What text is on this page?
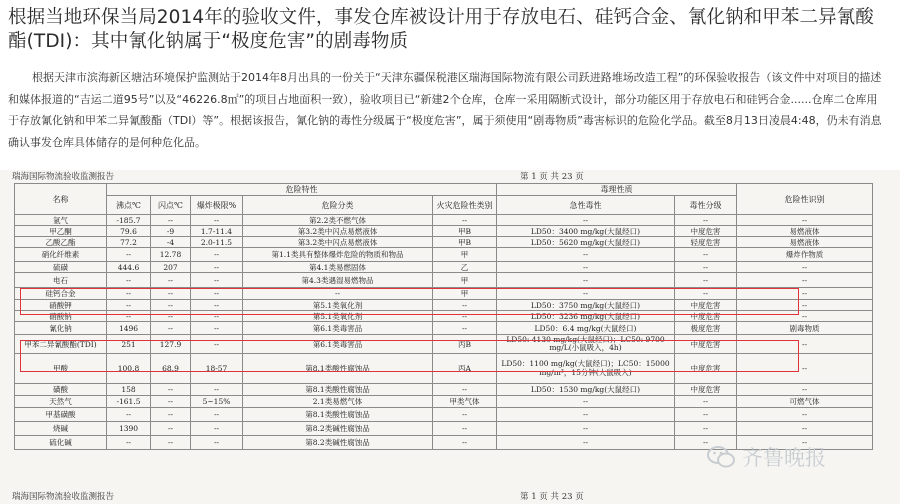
根据当地环保当局2014年的验收文件，事发仓库被设计用于存放电石、硅钙合金、氰化钠和甲苯二异氰酸酯(TDI)：其中氰化钠属于“极度危害”的剧毒物质
根据天津市滨海新区塘沽环境保护监测站于2014年8月出具的一份关于“天津东疆保税港区瑞海国际物流有限公司跃进路堆场改造工程”的环保验收报告（该文件中对项目的描述和媒体报道的“吉运二道95号”以及“46226.8㎡”的项目占地面积一致），验收项目已“新建2个仓库，仓库一采用隔断式设计，部分功能区用于存放电石和硅钙合金......仓库二仓库用于存放氰化钠和甲苯二异氰酸酯（TDI）等”。根据该报告，氰化钠的毒性分级属于“极度危害”，属于须使用“剧毒物质”毒害标识的危险化学品。截至8月13日凌晨4:48，仍未有消息确认事发仓库具体储存的是何种危化品。
瑞海国际物流验收监测报告	第 1 页 共 23 页
名称	危险特性					毒理性质		危险性识别
	沸点℃	闪点℃	爆炸极限%	危险分类	火灾危险性类别	急性毒性	毒性分级	
氩气	-185.7	--	--	第2.2类不燃气体	--	--	--	--
甲乙酮	79.6	-9	1.7-11.4	第3.2类中闪点易燃液体	甲B	LD50：3400 mg/kg(大鼠经口)	中度危害	易燃液体
乙酸乙酯	77.2	-4	2.0-11.5	第3.2类中闪点易燃液体	甲B	LD50：5620 mg/kg(大鼠经口)	轻度危害	易燃液体
硝化纤维素	--	12.78	--	第1.1类具有整体爆炸危险的物质和物品	甲	--	--	爆炸作物质
硫磺	444.6	207	--	第4.1类易燃固体	乙	--	--	--
电石	--	--	--	第4.3类遇湿易燃物品	甲	--	--	--
硅钙合金	--	--	--	--	甲	--	--	--
硝酸钾	--	--	--	第5.1类氧化剂	--	LD50：3750 mg/kg(大鼠经口)	中度危害	--
硝酸钠	--	--	--	第5.1类氧化剂	--	LD50：3236 mg/kg(大鼠经口)	中度危害	--
氰化钠	1496	--	--	第6.1类毒害品	--	LD50：6.4 mg/kg(大鼠经口)	极度危害	剧毒物质
甲苯二异氰酸酯(TDI)	251	127.9	--	第6.1类毒害品	丙B	LD50: 4130 mg/kg(大鼠经口)；LC50: 9700 mg/L(小鼠吸入，4h)	中度危害	--
甲酸	100.8	68.9	18-57	第8.1类酸性腐蚀品	丙A	LD50：1100 mg/kg(大鼠经口)；LC50：15000 mg/m³，15分钟(大鼠吸入)	中度危害	--
磺酸	158	--	--	第8.1类酸性腐蚀品	--	LD50：1530 mg/kg(大鼠经口)	中度危害	--
天然气	-161.5	--	5~15%	2.1类易燃气体	甲类气体	--	--	可燃气体
甲基磺酸	--	--	--	第8.1类酸性腐蚀品	--	--	--	--
烧碱	1390	--	--	第8.2类碱性腐蚀品	--	--	--	--
硫化碱	--	--	--	第8.2类碱性腐蚀品	--	--	--	--
齐鲁晚报
瑞海国际物流验收监测报告	第 1 页 共 23 页
